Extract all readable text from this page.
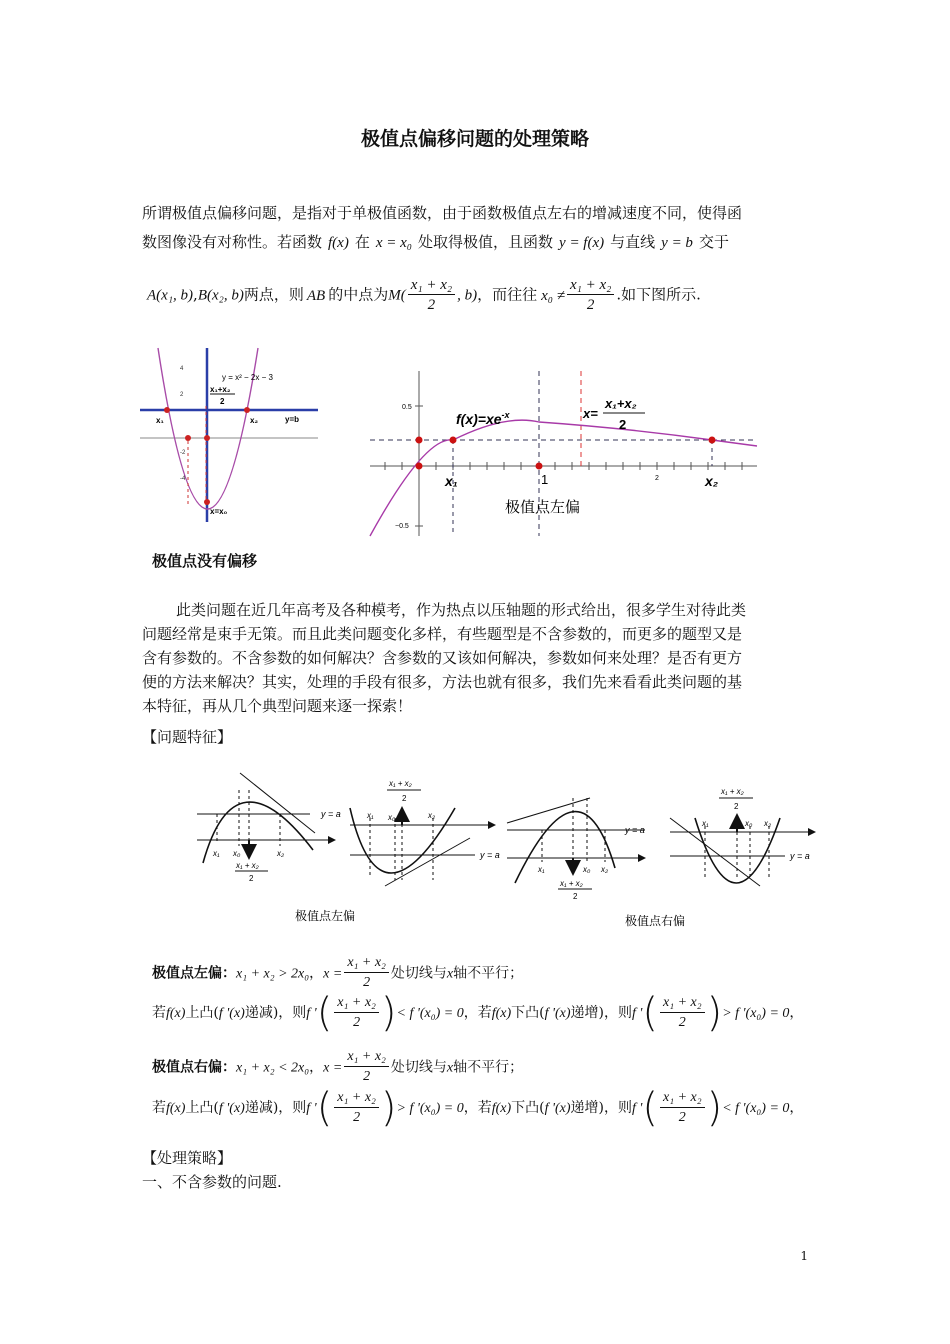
极值点偏移问题的处理策略
所谓极值点偏移问题，是指对于单极值函数，由于函数极值点左右的增减速度不同，使得函
数图像没有对称性。若函数 f(x) 在 x = x₀ 处取得极值，且函数 y = f(x) 与直线 y = b 交于
A(x₁, b),B(x₂, b)两点，则 AB 的中点为$M( \frac{\text{x₁ + x₂}}{2}$ , b)，而往往 $x_0 \ne \frac{\text{x₁ + x₂}}{2}$ .如下图所示.
4
2
-2
-4
y = x² − 2x − 3
x₁+x₂
2
x₁	x₂	y=b
x=x₀
0.5
−0.5
$f(x)=xe^{-x}$	x=
x₁+x₂
2
x₁	1	2	x₂
极值点左偏
极值点没有偏移
此类问题在近几年高考及各种模考，作为热点以压轴题的形式给出，很多学生对待此类
问题经常是束手无策。而且此类问题变化多样，有些题型是不含参数的，而更多的题型又是
含有参数的。不含参数的如何解决？含参数的又该如何解决，参数如何来处理？是否有更方
便的方法来解决？其实，处理的手段有很多，方法也就有很多，我们先来看看此类问题的基
本特征，再从几个典型问题来逐一探索！
【问题特征】
y = a
x₁ x₀	x₂
x₁ + x₂
2
y = a
x₁ + x₂
2
x₁ x₀	x₂
y = a
x₁	x₀ x₂
x₁ + x₂
2
y = a
x₁ + x₂
2
x₁	x₀ x₂
极值点左偏	极值点右偏
极值点左偏：x₁ + x₂ > 2x₀，$x = \frac{\text{x₁ + x₂}}{2}$ 处切线与x轴不平行；
若f(x)上凸(f '(x)递减)，则f '( $\frac{\text{x₁ + x₂}}{2}$ )< f '(x₀) = 0，若f(x)下凸(f '(x)递增)，则f '( $\frac{\text{x₁ + x₂}}{2}$ )> f '(x₀) = 0，
极值点右偏：x₁ + x₂ < 2x₀，$x = \frac{\text{x₁ + x₂}}{2}$ 处切线与x轴不平行；
若f(x)上凸(f '(x)递减)，则f '( $\frac{\text{x₁ + x₂}}{2}$ )> f '(x₀) = 0，若f(x)下凸(f '(x)递增)，则f '( $\frac{\text{x₁ + x₂}}{2}$ )< f '(x₀) = 0，
【处理策略】
一、不含参数的问题.
1
